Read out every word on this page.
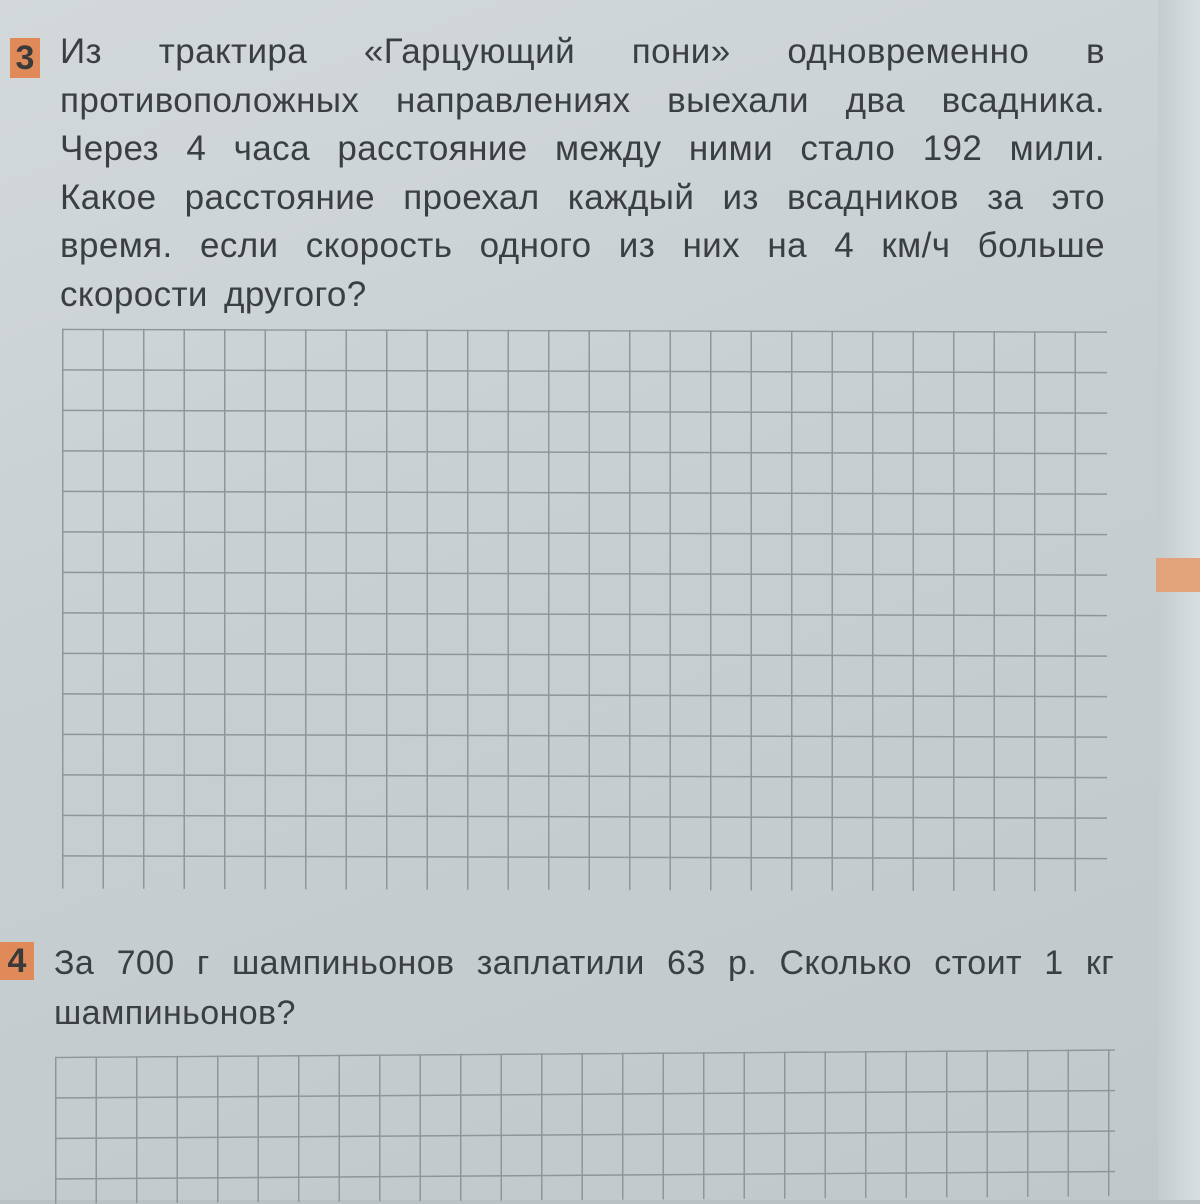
3 Из трактира «Гарцующий пони» одновременно в противоположных направлениях выехали два всадника. Через 4 часа расстояние между ними стало 192 мили. Какое расстояние проехал каждый из всадников за это время. если скорость одного из них на 4 км/ч больше скорости другого?
4 За 700 г шампиньонов заплатили 63 р. Сколько стоит 1 кг шампиньонов?
